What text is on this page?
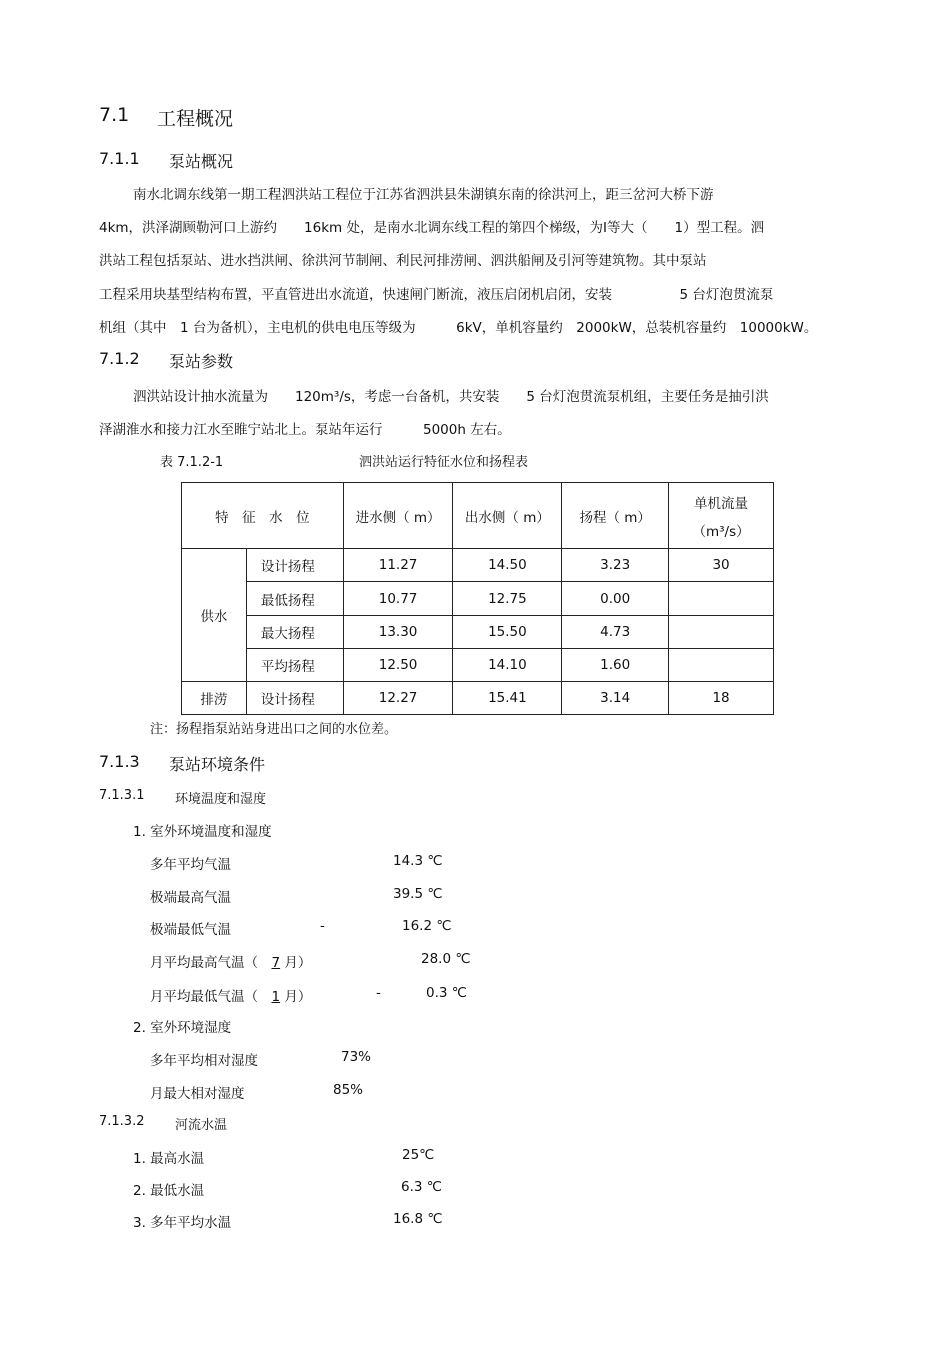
7.1 工程概况
7.1.1 泵站概况
南水北调东线第一期工程泗洪站工程位于江苏省泗洪县朱湖镇东南的徐洪河上，距三岔河大桥下游
4km，洪泽湖顾勒河口上游约　　16km 处，是南水北调东线工程的第四个梯级，为Ⅰ等大（　　1）型工程。泗
洪站工程包括泵站、进水挡洪闸、徐洪河节制闸、利民河排涝闸、泗洪船闸及引河等建筑物。其中泵站
工程采用块基型结构布置，平直管进出水流道，快速闸门断流，液压启闭机启闭，安装　　　　　5 台灯泡贯流泵
机组（其中　1 台为备机），主电机的供电电压等级为　　　6kV，单机容量约　2000kW，总装机容量约　10000kW。
7.1.2 泵站参数
泗洪站设计抽水流量为　　120m³/s，考虑一台备机，共安装　　5 台灯泡贯流泵机组，主要任务是抽引洪
泽湖淮水和接力江水至睢宁站北上。泵站年运行　　　5000h 左右。
表 7.1.2-1	泗洪站运行特征水位和扬程表
特　征　水　位		进水侧（ m）	出水侧（ m）	扬程（ m）	单机流量
（m³/s）

供水	设计扬程	11.27	14.50	3.23	30
	最低扬程	10.77	12.75	0.00	
	最大扬程	13.30	15.50	4.73	
	平均扬程	12.50	14.10	1.60	
排涝	设计扬程	12.27	15.41	3.14	18
注：扬程指泵站站身进出口之间的水位差。
7.1.3 泵站环境条件
7.1.3.1 环境温度和湿度
1. 室外环境温度和湿度
多年平均气温	14.3 ℃
极端最高气温	39.5 ℃
极端最低气温	-	16.2 ℃
月平均最高气温（　7 月）	28.0 ℃
月平均最低气温（　1 月）	-	0.3 ℃
2. 室外环境湿度
多年平均相对湿度	73%
月最大相对湿度	85%
7.1.3.2 河流水温
1. 最高水温	25℃
2. 最低水温	6.3 ℃
3. 多年平均水温	16.8 ℃
